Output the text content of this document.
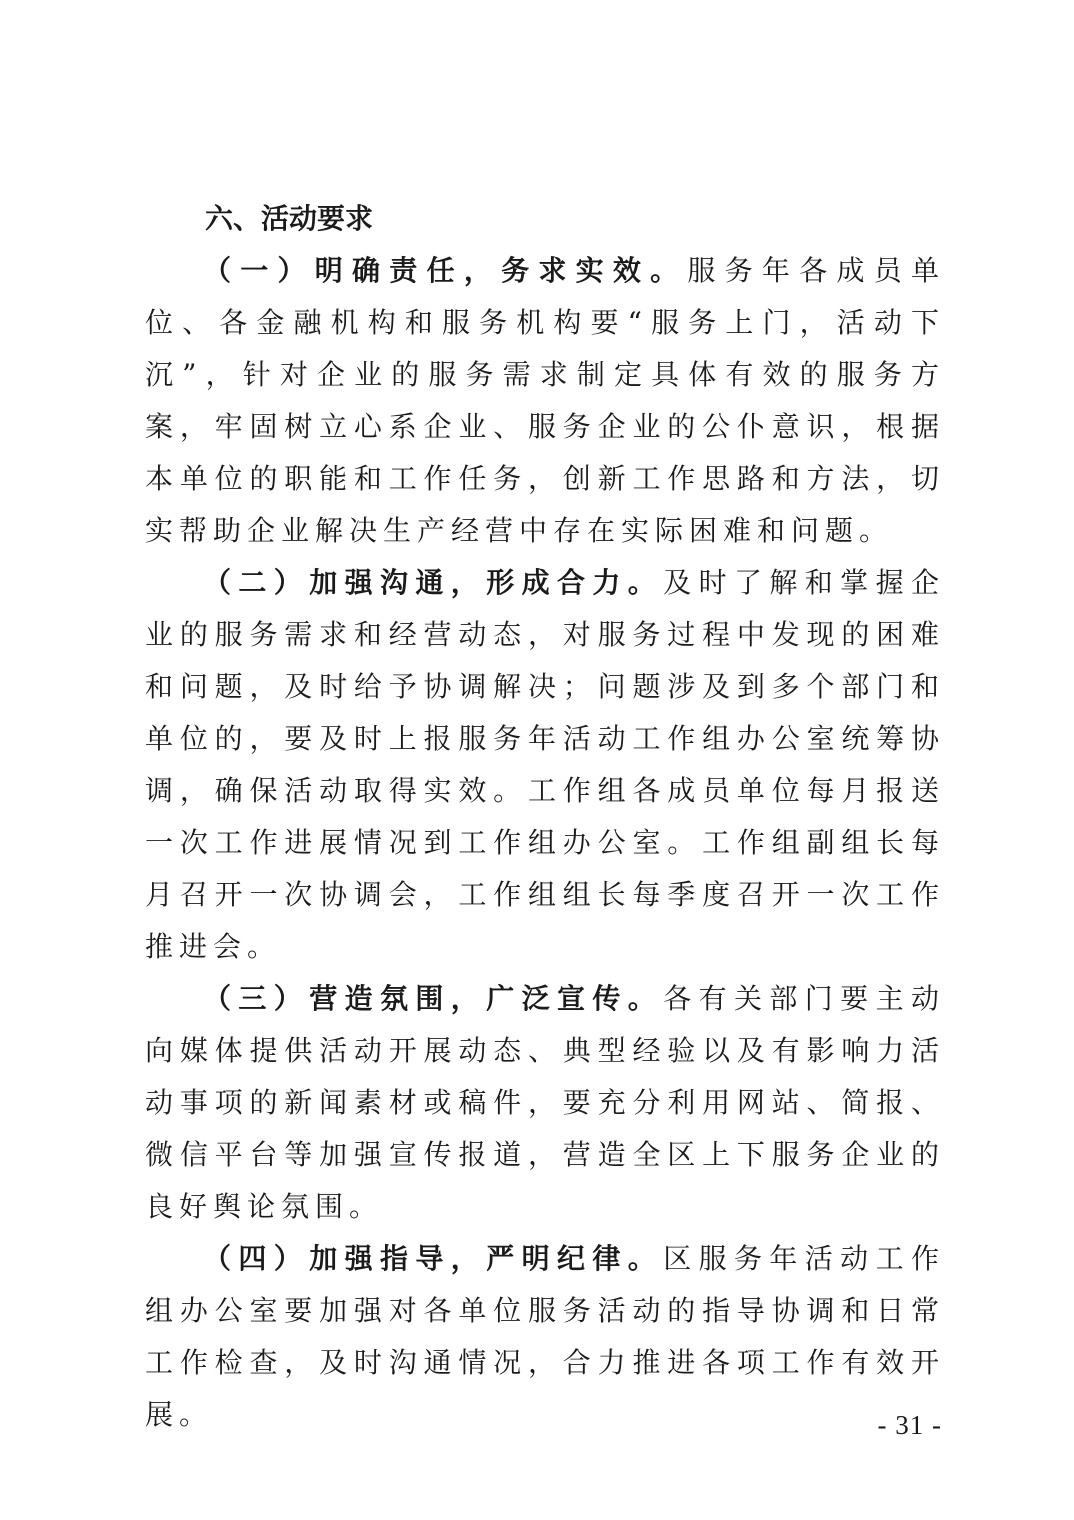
六、活动要求

（一）明确责任，务求实效。服务年各成员单位、各金融机构和服务机构要“服务上门，活动下沉”，针对企业的服务需求制定具体有效的服务方案，牢固树立心系企业、服务企业的公仆意识，根据本单位的职能和工作任务，创新工作思路和方法，切实帮助企业解决生产经营中存在实际困难和问题。

（二）加强沟通，形成合力。及时了解和掌握企业的服务需求和经营动态，对服务过程中发现的困难和问题，及时给予协调解决；问题涉及到多个部门和单位的，要及时上报服务年活动工作组办公室统筹协调，确保活动取得实效。工作组各成员单位每月报送一次工作进展情况到工作组办公室。工作组副组长每月召开一次协调会，工作组组长每季度召开一次工作推进会。

（三）营造氛围，广泛宣传。各有关部门要主动向媒体提供活动开展动态、典型经验以及有影响力活动事项的新闻素材或稿件，要充分利用网站、简报、微信平台等加强宣传报道，营造全区上下服务企业的良好舆论氛围。

（四）加强指导，严明纪律。区服务年活动工作组办公室要加强对各单位服务活动的指导协调和日常工作检查，及时沟通情况，合力推进各项工作有效开展。	- 31 -
